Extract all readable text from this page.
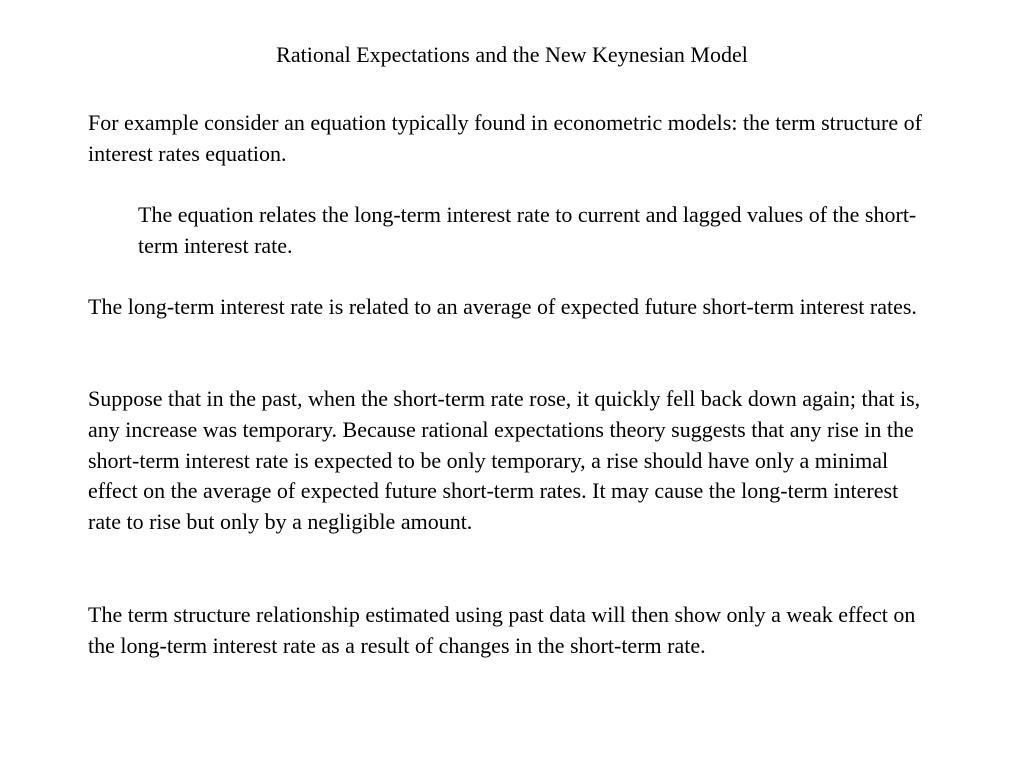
Rational Expectations and the New Keynesian Model

For example consider an equation typically found in econometric models: the term structure of interest rates equation.

The equation relates the long-term interest rate to current and lagged values of the short-term interest rate.

The long-term interest rate is related to an average of expected future short-term interest rates.

Suppose that in the past, when the short-term rate rose, it quickly fell back down again; that is, any increase was temporary. Because rational expectations theory suggests that any rise in the short-term interest rate is expected to be only temporary, a rise should have only a minimal effect on the average of expected future short-term rates. It may cause the long-term interest rate to rise but only by a negligible amount.

The term structure relationship estimated using past data will then show only a weak effect on the long-term interest rate as a result of changes in the short-term rate.
